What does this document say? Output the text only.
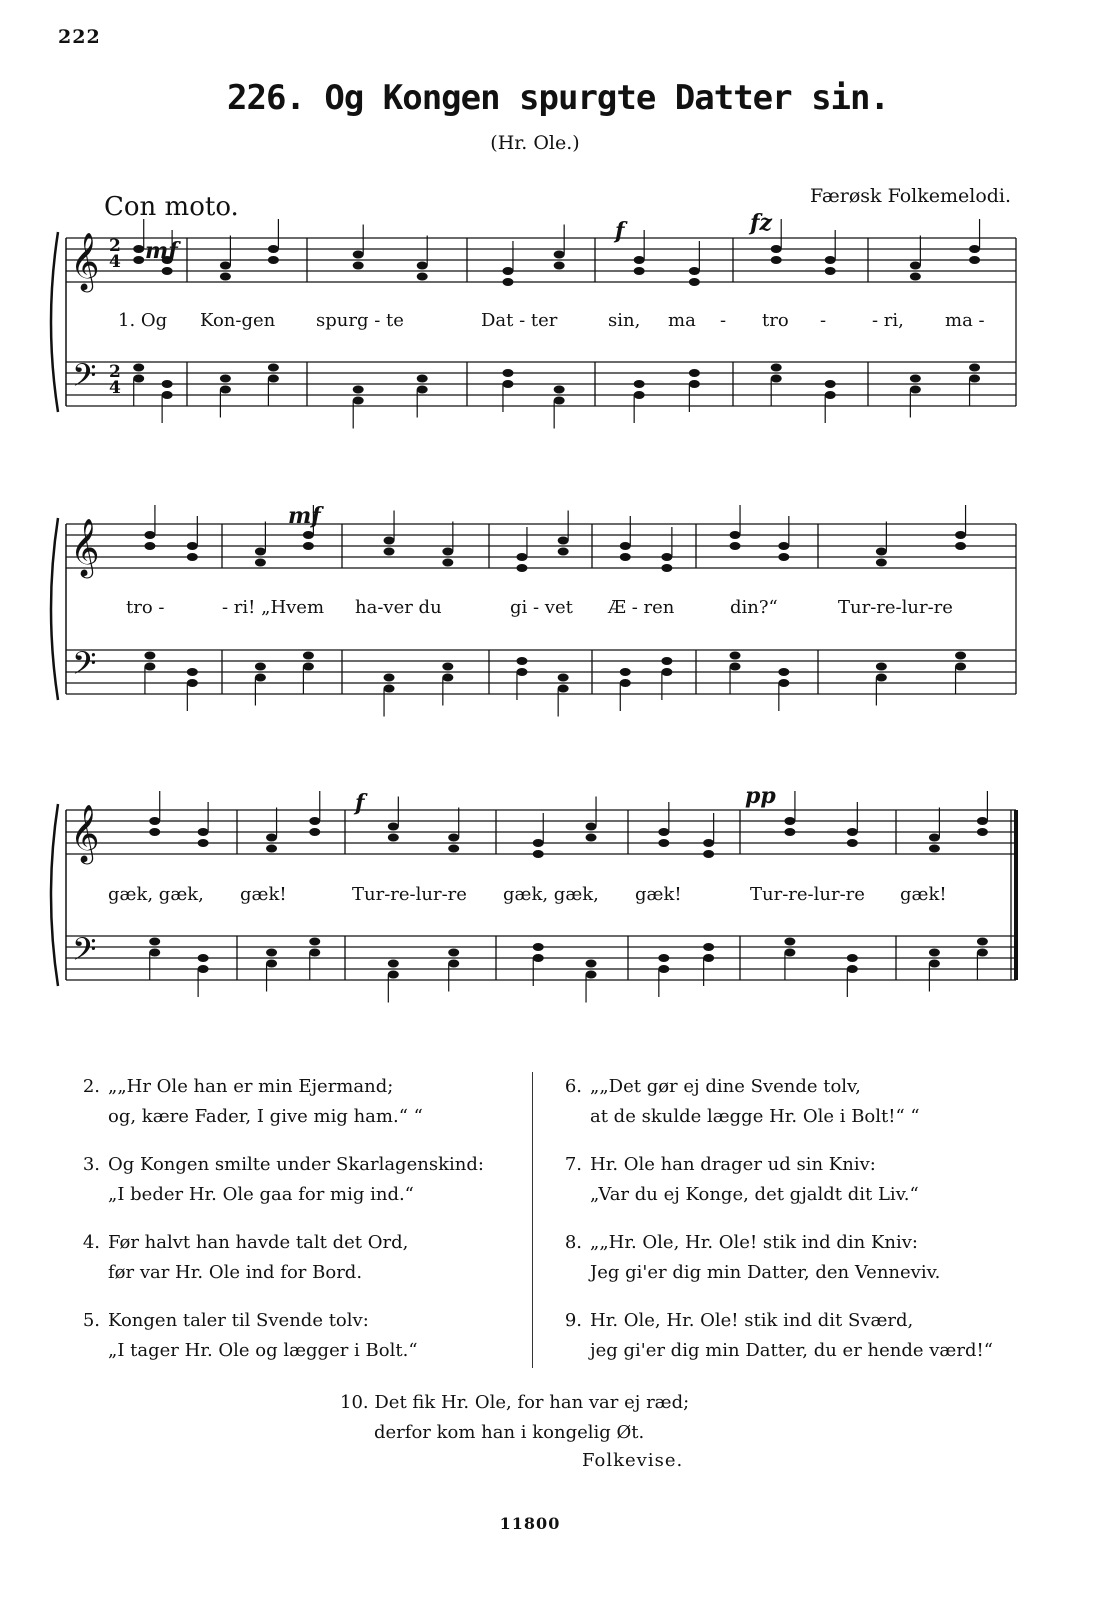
222
226. Og Kongen spurgte Datter sin.
(Hr. Ole.)
Con moto.	Færøsk Folkemelodi.
𝄞
𝄢
𝄞
𝄢
𝄞
𝄢
mf
f	fz
mf
f	pp
2
4
2
4
1. Og Kon-gen spurg - te	Dat - ter	sin, ma - tro -	- ri, ma -
tro -	- ri! „Hvem ha-ver du	gi - vet Æ - ren	din?“	Tur-re-lur-re
gæk, gæk, gæk!	Tur-re-lur-re gæk, gæk, gæk!	Tur-re-lur-re gæk!
2. „„Hr Ole han er min Ejermand;
og, kære Fader, I give mig ham.“ “
3. Og Kongen smilte under Skarlagenskind:
„I beder Hr. Ole gaa for mig ind.“
4. Før halvt han havde talt det Ord,
før var Hr. Ole ind for Bord.
5. Kongen taler til Svende tolv:
„I tager Hr. Ole og lægger i Bolt.“
6. „„Det gør ej dine Svende tolv,
at de skulde lægge Hr. Ole i Bolt!“ “
7. Hr. Ole han drager ud sin Kniv:
„Var du ej Konge, det gjaldt dit Liv.“
8. „„Hr. Ole, Hr. Ole! stik ind din Kniv:
Jeg gi'er dig min Datter, den Venneviv.
9. Hr. Ole, Hr. Ole! stik ind dit Sværd,
jeg gi'er dig min Datter, du er hende værd!“
10. Det fik Hr. Ole, for han var ej ræd;
derfor kom han i kongelig Øt.
Folkevise.
11800
